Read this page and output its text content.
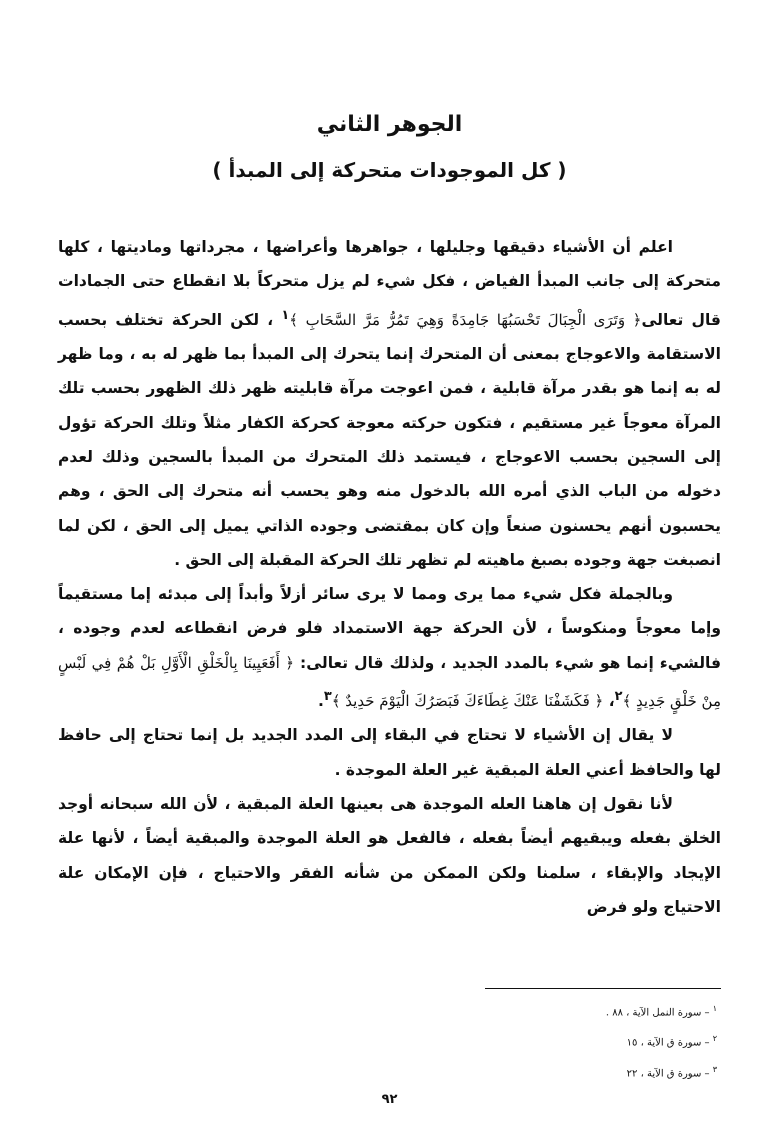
الجوهر الثاني
( كل الموجودات متحركة إلى المبدأ )

اعلم أن الأشياء دقيقها وجليلها ، جواهرها وأعراضها ، مجرداتها وماديتها ، كلها متحركة إلى جانب المبدأ الفياض ، فكل شيء لم يزل متحركاً بلا انقطاع حتى الجمادات قال تعالى﴿ وَتَرَى الْجِبَالَ تَحْسَبُهَا جَامِدَةً وَهِيَ تَمُرُّ مَرَّ السَّحَابِ ﴾$^١$ ، لكن الحركة تختلف بحسب الاستقامة والاعوجاج بمعنى أن المتحرك إنما يتحرك إلى المبدأ بما ظهر له به ، وما ظهر له به إنما هو بقدر مرآة قابلية ، فمن اعوجت مرآة قابليته ظهر ذلك الظهور بحسب تلك المرآة معوجاً غير مستقيم ، فتكون حركته معوجة كحركة الكفار مثلاً وتلك الحركة تؤول إلى السجين بحسب الاعوجاج ، فيستمد ذلك المتحرك من المبدأ بالسجين وذلك لعدم دخوله من الباب الذي أمره الله بالدخول منه وهو يحسب أنه متحرك إلى الحق ، وهم يحسبون أنهم يحسنون صنعاً وإن كان بمقتضى وجوده الذاتي يميل إلى الحق ، لكن لما انصبغت جهة وجوده بصبغ ماهيته لم تظهر تلك الحركة المقبلة إلى الحق .

وبالجملة فكل شيء مما يرى ومما لا يرى سائر أزلاً وأبداً إلى مبدئه إما مستقيماً وإما معوجاً ومنكوساً ، لأن الحركة جهة الاستمداد فلو فرض انقطاعه لعدم وجوده ، فالشيء إنما هو شيء بالمدد الجديد ، ولذلك قال تعالى: ﴿ أَفَعَيِينَا بِالْخَلْقِ الْأَوَّلِ بَلْ هُمْ فِي لَبْسٍ مِنْ خَلْقٍ جَدِيدٍ ﴾$^٢$، ﴿ فَكَشَفْنَا عَنْكَ غِطَاءَكَ فَبَصَرُكَ الْيَوْمَ حَدِيدٌ ﴾$^٣$.

لا يقال إن الأشياء لا تحتاج في البقاء إلى المدد الجديد بل إنما تحتاج إلى حافظ لها والحافظ أعني العلة المبقية غير العلة الموجدة .

لأنا نقول إن هاهنا العله الموجدة هى بعينها العلة المبقية ، لأن الله سبحانه أوجد الخلق بفعله ويبقيهم أيضاً بفعله ، فالفعل هو العلة الموجدة والمبقية أيضاً ، لأنها علة الإيجاد والإبقاء ، سلمنا ولكن الممكن من شأنه الفقر والاحتياج ، فإن الإمكان علة الاحتياج ولو فرض

$^١$ – سورة النمل الآية ، ٨٨ .
$^٢$ – سورة ق الآية ، ١٥
$^٣$ – سورة ق الآية ، ٢٢
٩٢
